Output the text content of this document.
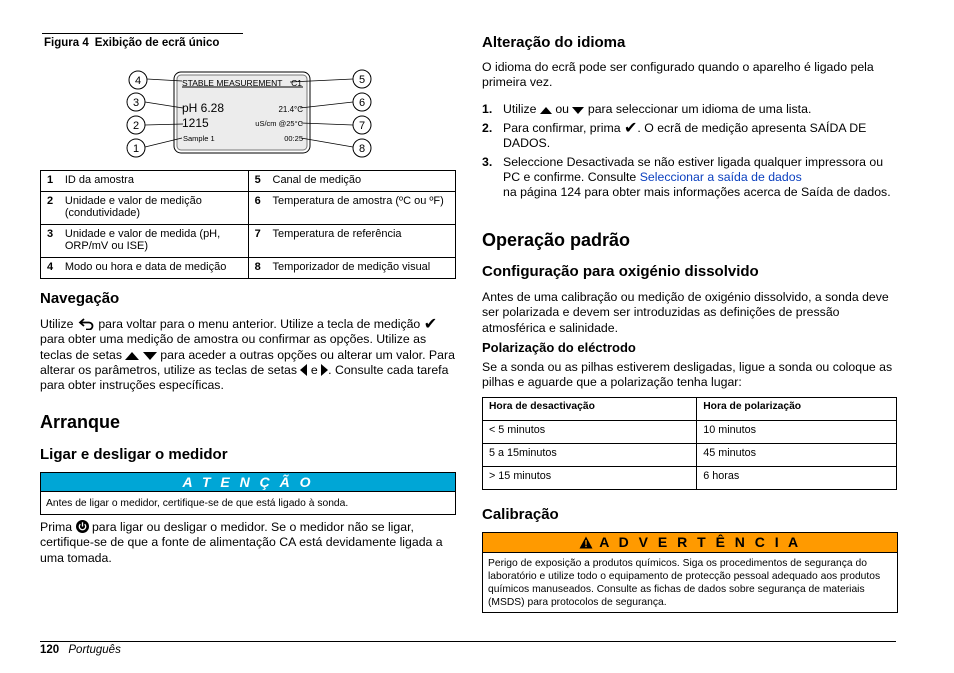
Figura 4 Exibição de ecrã único
STABLE MEASUREMENT C1
pH 6.28
1215
21.4°C
uS/cm @25°C
Sample 1	00:25
4
3
2
1
5
6
7
8
1	ID da amostra	5	Canal de medição
2	Unidade e valor de medição (condutividade)	6	Temperatura de amostra (ºC ou ºF)
3	Unidade e valor de medida (pH, ORP/mV ou ISE)	7	Temperatura de referência
4	Modo ou hora e data de medição	8	Temporizador de medição visual
Navegação
Utilize para voltar para o menu anterior. Utilize a tecla de medição ✔ para obter uma medição de amostra ou confirmar as opções. Utilize as teclas de setas	para aceder a outras opções ou alterar um valor. Para alterar os parâmetros, utilize as teclas de setas e . Consulte cada tarefa para obter instruções específicas.
Arranque
Ligar e desligar o medidor
A T E N Ç Ã O
Antes de ligar o medidor, certifique-se de que está ligado à sonda.
Prima para ligar ou desligar o medidor. Se o medidor não se ligar, certifique-se de que a fonte de alimentação CA está devidamente ligada a uma tomada.
Alteração do idioma
O idioma do ecrã pode ser configurado quando o aparelho é ligado pela primeira vez.
1. Utilize ou para seleccionar um idioma de uma lista.
2. Para confirmar, prima ✔. O ecrã de medição apresenta SAÍDA DE DADOS.
3. Seleccione Desactivada se não estiver ligada qualquer impressora ou PC e confirme. Consulte Seleccionar a saída de dados
na página 124 para obter mais informações acerca de Saída de dados.
Operação padrão
Configuração para oxigénio dissolvido
Antes de uma calibração ou medição de oxigénio dissolvido, a sonda deve ser polarizada e devem ser introduzidas as definições de pressão atmosférica e salinidade.
Polarização do eléctrodo
Se a sonda ou as pilhas estiverem desligadas, ligue a sonda ou coloque as pilhas e aguarde que a polarização tenha lugar:
Hora de desactivação	Hora de polarização
< 5 minutos	10 minutos
5 a 15minutos	45 minutos
> 15 minutos	6 horas
Calibração
A D V E R T Ê N C I A
Perigo de exposição a produtos químicos. Siga os procedimentos de segurança do laboratório e utilize todo o equipamento de protecção pessoal adequado aos produtos químicos manuseados. Consulte as fichas de dados sobre segurança de materiais (MSDS) para protocolos de segurança.
120 Português
